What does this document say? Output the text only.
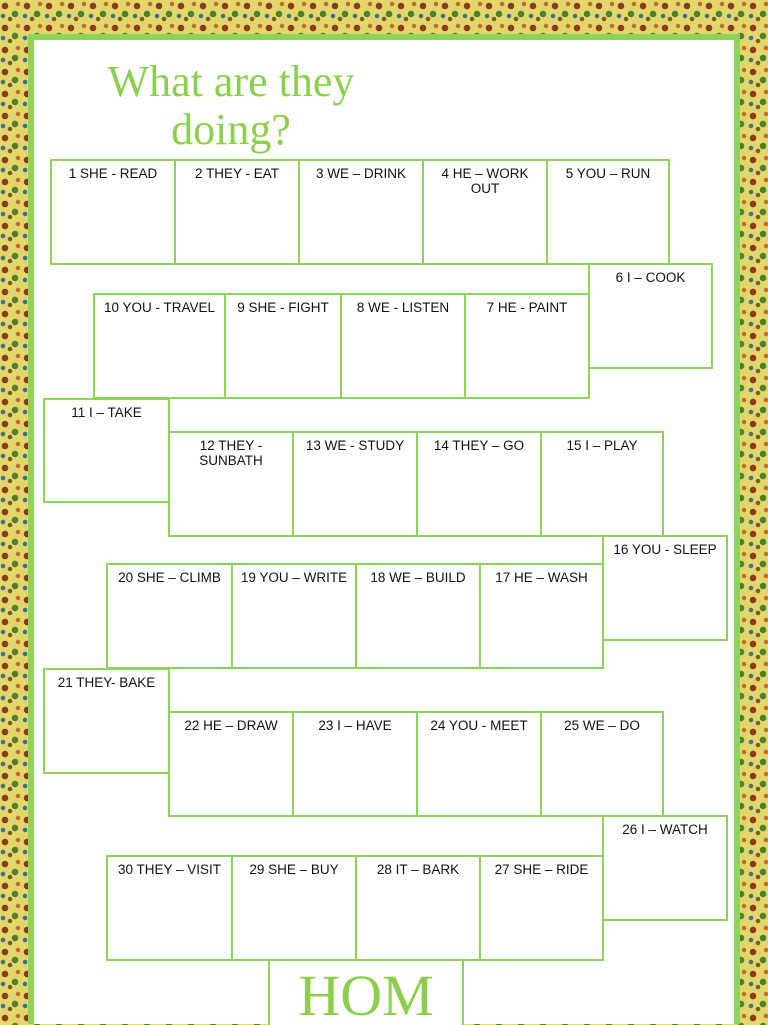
What are they
doing?
1 SHE - READ	2 THEY - EAT	3 WE – DRINK	4 HE – WORK OUT
5 YOU – RUN
6 I – COOK
10 YOU - TRAVEL	9 SHE - FIGHT	8 WE - LISTEN	7 HE - PAINT
11 I – TAKE
12 THEY - SUNBATH
13 WE - STUDY	14 THEY – GO	15 I – PLAY
16 YOU - SLEEP
20 SHE – CLIMB	19 YOU – WRITE	18 WE – BUILD	17 HE – WASH
21 THEY- BAKE
22 HE – DRAW	23 I – HAVE	24 YOU - MEET	25 WE – DO
26 I – WATCH
30 THEY – VISIT	29 SHE – BUY	28 IT – BARK	27 SHE – RIDE
HOM
